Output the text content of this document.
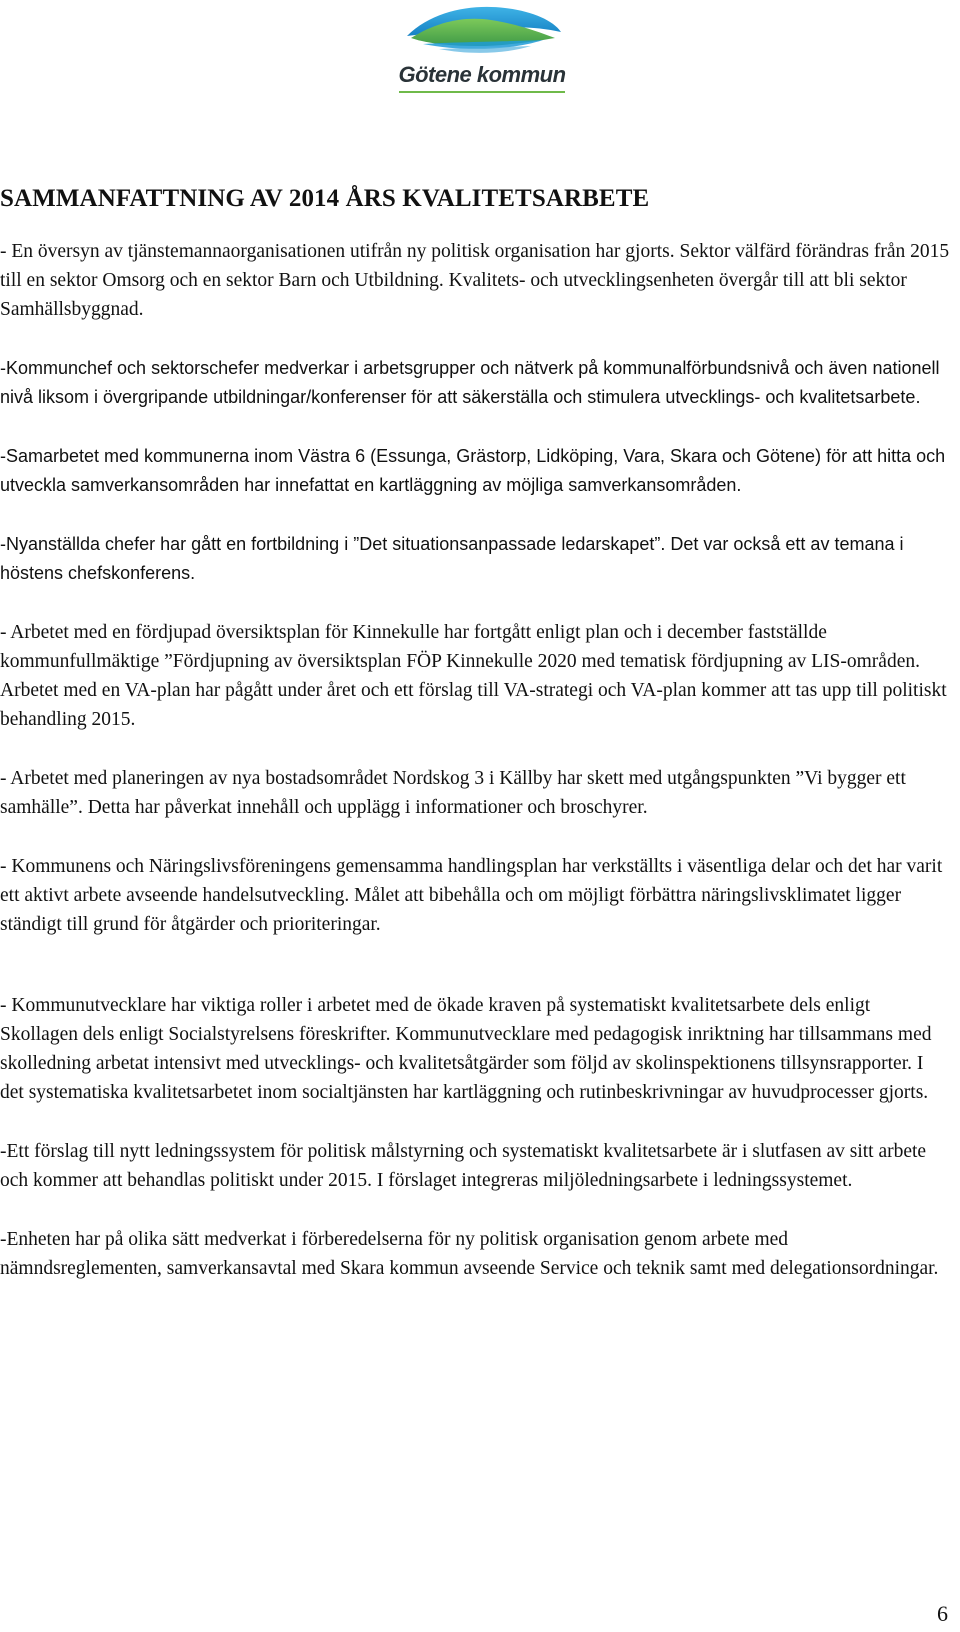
Götene kommun
SAMMANFATTNING AV 2014 ÅRS KVALITETSARBETE

- En översyn av tjänstemannaorganisationen utifrån ny politisk organisation har gjorts. Sektor välfärd förändras från 2015 till en sektor Omsorg och en sektor Barn och Utbildning. Kvalitets- och utvecklingsenheten övergår till att bli sektor Samhällsbyggnad.

-Kommunchef och sektorschefer medverkar i arbetsgrupper och nätverk på kommunalförbundsnivå och även nationell nivå liksom i övergripande utbildningar/konferenser för att säkerställa och stimulera utvecklings- och kvalitetsarbete.

-Samarbetet med kommunerna inom Västra 6 (Essunga, Grästorp, Lidköping, Vara, Skara och Götene) för att hitta och utveckla samverkansområden har innefattat en kartläggning av möjliga samverkansområden.

-Nyanställda chefer har gått en fortbildning i ”Det situationsanpassade ledarskapet”. Det var också ett av temana i höstens chefskonferens.

- Arbetet med en fördjupad översiktsplan för Kinnekulle har fortgått enligt plan och i december fastställde kommunfullmäktige ”Fördjupning av översiktsplan FÖP Kinnekulle 2020 med tematisk fördjupning av LIS-områden. Arbetet med en VA-plan har pågått under året och ett förslag till VA-strategi och VA-plan kommer att tas upp till politiskt behandling 2015.

- Arbetet med planeringen av nya bostadsområdet Nordskog 3 i Källby har skett med utgångspunkten ”Vi bygger ett samhälle”. Detta har påverkat innehåll och upplägg i informationer och broschyrer.

- Kommunens och Näringslivsföreningens gemensamma handlingsplan har verkställts i väsentliga delar och det har varit ett aktivt arbete avseende handelsutveckling. Målet att bibehålla och om möjligt förbättra näringslivsklimatet ligger ständigt till grund för åtgärder och prioriteringar.

- Kommunutvecklare har viktiga roller i arbetet med de ökade kraven på systematiskt kvalitetsarbete dels enligt Skollagen dels enligt Socialstyrelsens föreskrifter. Kommunutvecklare med pedagogisk inriktning har tillsammans med skolledning arbetat intensivt med utvecklings- och kvalitetsåtgärder som följd av skolinspektionens tillsynsrapporter. I det systematiska kvalitetsarbetet inom socialtjänsten har kartläggning och rutinbeskrivningar av huvudprocesser gjorts.

-Ett förslag till nytt ledningssystem för politisk målstyrning och systematiskt kvalitetsarbete är i slutfasen av sitt arbete och kommer att behandlas politiskt under 2015. I förslaget integreras miljöledningsarbete i ledningssystemet.

-Enheten har på olika sätt medverkat i förberedelserna för ny politisk organisation genom arbete med nämndsreglementen, samverkansavtal med Skara kommun avseende Service och teknik samt med delegationsordningar.

6
